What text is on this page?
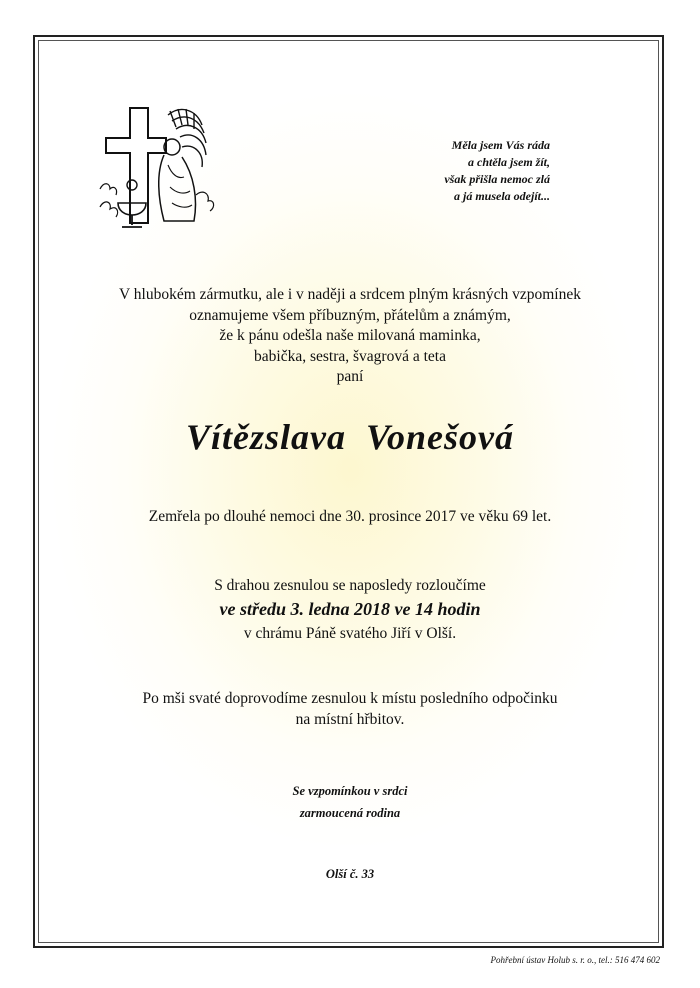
Měla jsem Vás ráda
a chtěla jsem žít,
však přišla nemoc zlá
a já musela odejít...
V hlubokém zármutku, ale i v naději a srdcem plným krásných vzpomínek
oznamujeme všem příbuzným, přátelům a známým,
že k pánu odešla naše milovaná maminka,
babička, sestra, švagrová a teta
paní
Vítězslava  Vonešová
Zemřela po dlouhé nemoci dne 30. prosince 2017 ve věku 69 let.
S drahou zesnulou se naposledy rozloučíme
ve středu 3. ledna 2018 ve 14 hodin
v chrámu Páně svatého Jiří v Olší.
Po mši svaté doprovodíme zesnulou k místu posledního odpočinku
na místní hřbitov.
Se vzpomínkou v srdci
zarmoucená rodina
Olší č. 33
Pohřební ústav Holub s. r. o., tel.: 516 474 602
